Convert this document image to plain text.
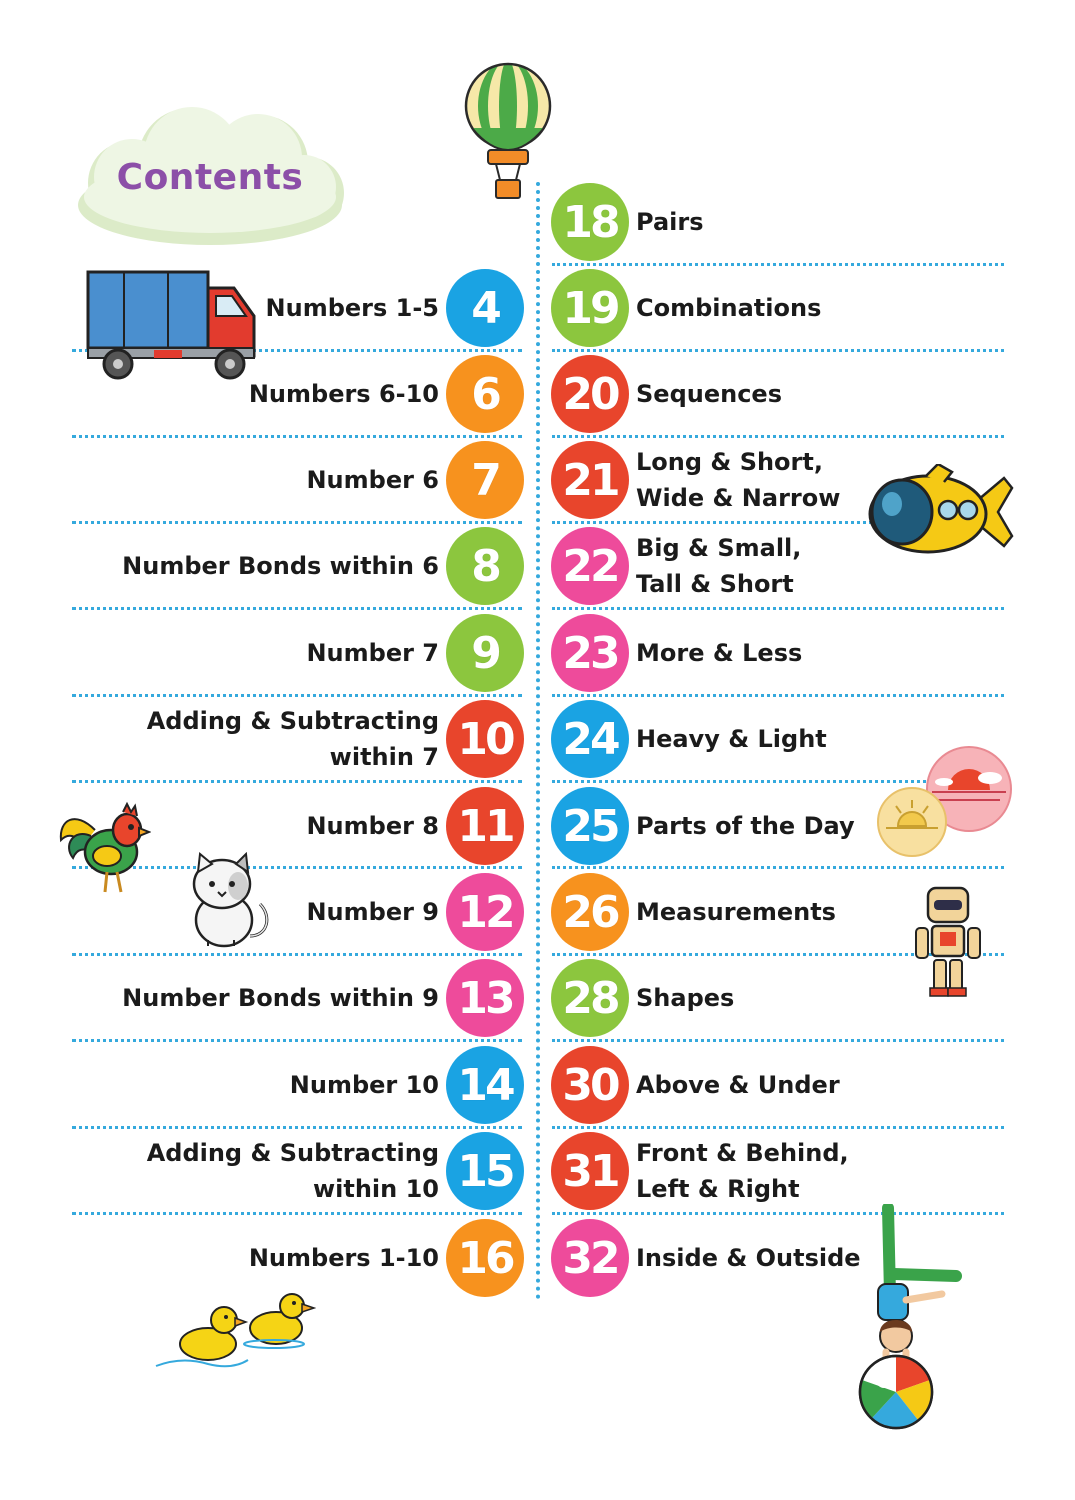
Contents
Numbers 1-5 4
Numbers 6-10 6
Number 6 7
Number Bonds within 6 8
Number 7 9
Adding & Subtracting
within 7 10
Number 8 11
Number 9 12
Number Bonds within 9 13
Number 10 14
Adding & Subtracting
within 10 15
Numbers 1-10 16
18 Pairs
19 Combinations
20 Sequences
21 Long & Short,
Wide & Narrow
22 Big & Small,
Tall & Short
23 More & Less
24 Heavy & Light
25 Parts of the Day
26 Measurements
28 Shapes
30 Above & Under
31 Front & Behind,
Left & Right
32 Inside & Outside
